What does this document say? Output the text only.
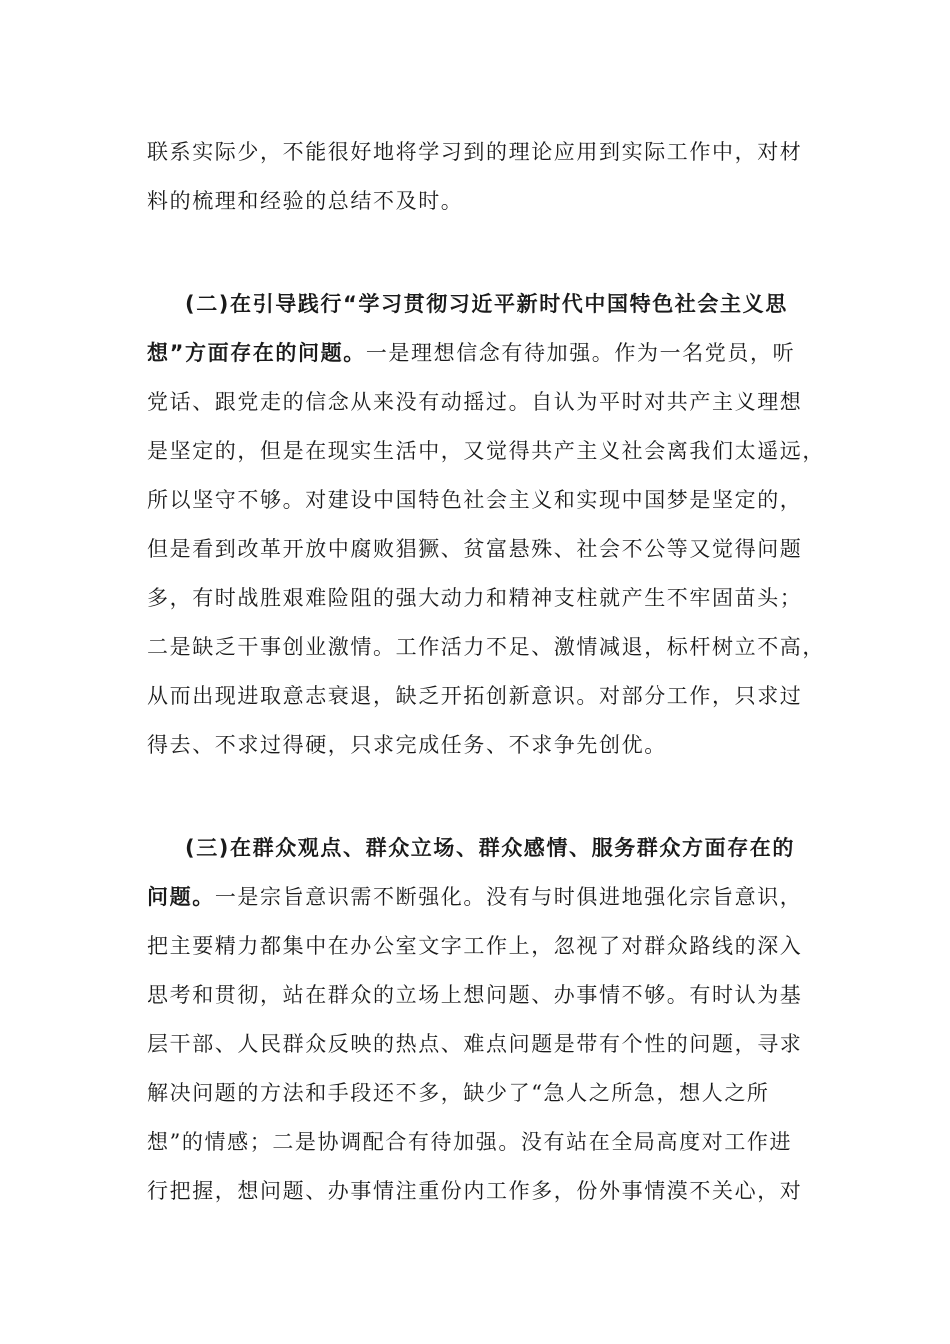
联系实际少，不能很好地将学习到的理论应用到实际工作中，对材
料的梳理和经验的总结不及时。
(二)在引导践行“学习贯彻习近平新时代中国特色社会主义思
想”方面存在的问题。一是理想信念有待加强。作为一名党员，听
党话、跟党走的信念从来没有动摇过。自认为平时对共产主义理想
是坚定的，但是在现实生活中，又觉得共产主义社会离我们太遥远，
所以坚守不够。对建设中国特色社会主义和实现中国梦是坚定的，
但是看到改革开放中腐败猖獗、贫富悬殊、社会不公等又觉得问题
多，有时战胜艰难险阻的强大动力和精神支柱就产生不牢固苗头；
二是缺乏干事创业激情。工作活力不足、激情减退，标杆树立不高，
从而出现进取意志衰退，缺乏开拓创新意识。对部分工作，只求过
得去、不求过得硬，只求完成任务、不求争先创优。
(三)在群众观点、群众立场、群众感情、服务群众方面存在的
问题。一是宗旨意识需不断强化。没有与时俱进地强化宗旨意识，
把主要精力都集中在办公室文字工作上，忽视了对群众路线的深入
思考和贯彻，站在群众的立场上想问题、办事情不够。有时认为基
层干部、人民群众反映的热点、难点问题是带有个性的问题，寻求
解决问题的方法和手段还不多，缺少了“急人之所急，想人之所
想”的情感；二是协调配合有待加强。没有站在全局高度对工作进
行把握，想问题、办事情注重份内工作多，份外事情漠不关心，对
